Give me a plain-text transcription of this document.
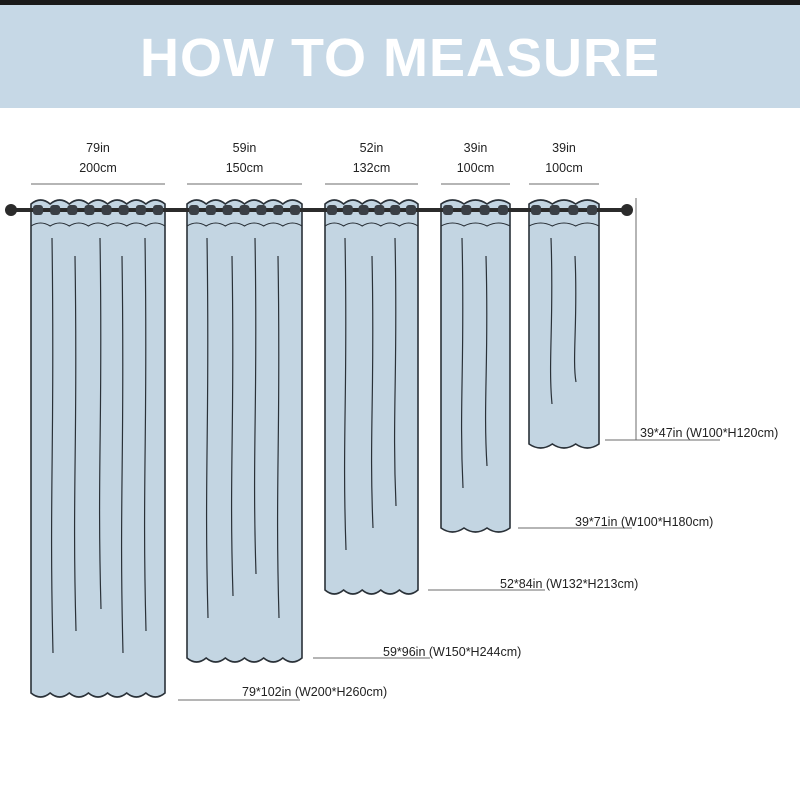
HOW TO MEASURE
79in
200cm
79*102in (W200*H260cm)
59in
150cm
59*96in (W150*H244cm)
52in
132cm
52*84in (W132*H213cm)
39in
100cm
39*71in (W100*H180cm)
39in
100cm
39*47in (W100*H120cm)
